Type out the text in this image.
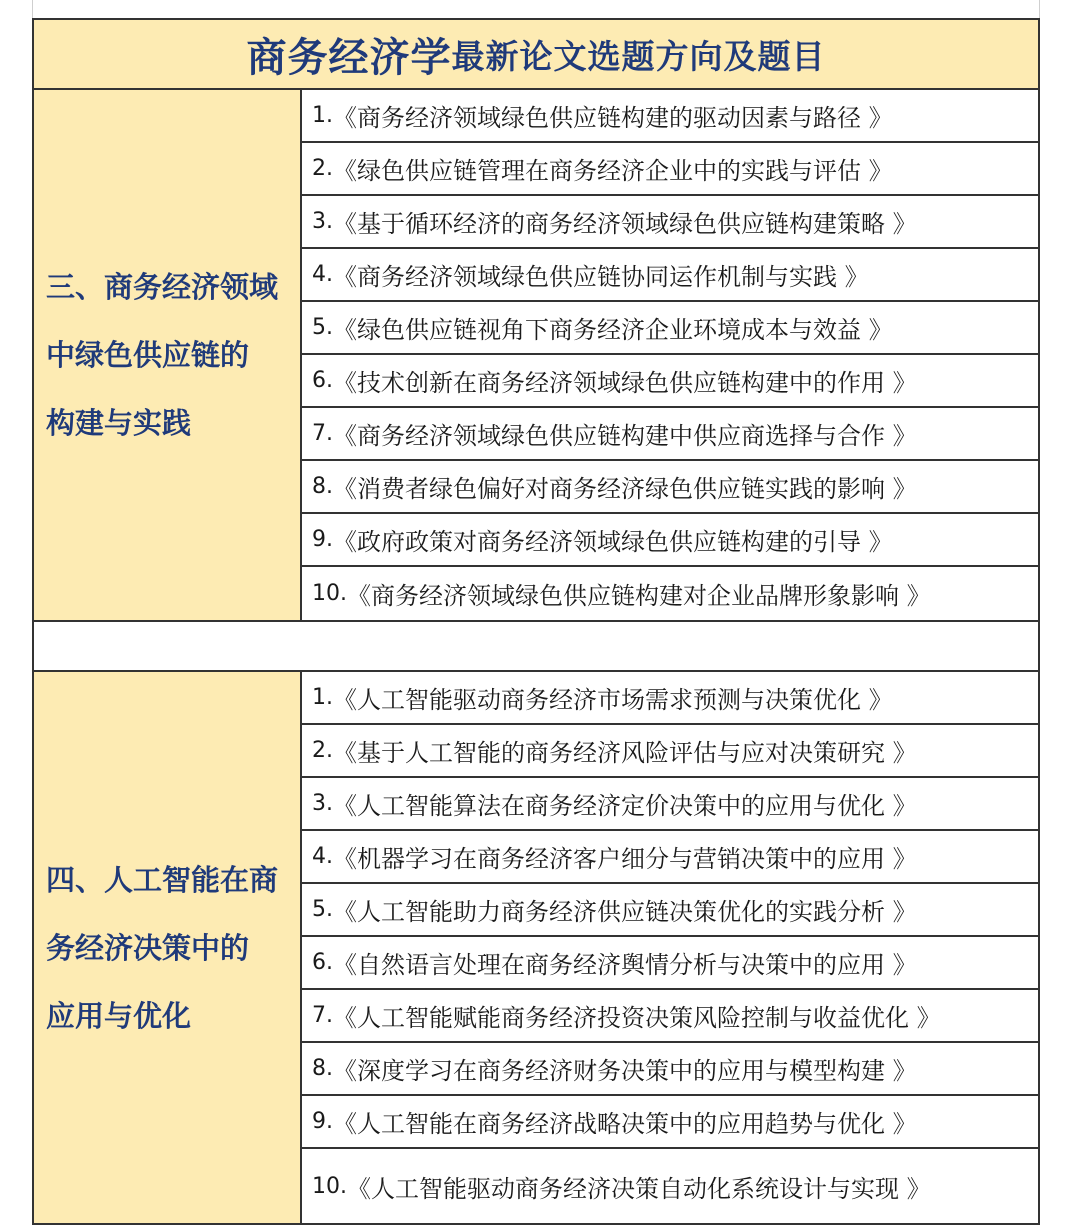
商务经济学 最新论文选题方向及题目
三、商务经济领域
中绿色供应链的
构建与实践
1. 《商务经济领域绿色供应链构建的驱动因素与路径 》
2. 《绿色供应链管理在商务经济企业中的实践与评估 》
3. 《基于循环经济的商务经济领域绿色供应链构建策略 》
4. 《商务经济领域绿色供应链协同运作机制与实践 》
5. 《绿色供应链视角下商务经济企业环境成本与效益 》
6. 《技术创新在商务经济领域绿色供应链构建中的作用 》
7. 《商务经济领域绿色供应链构建中供应商选择与合作 》
8. 《消费者绿色偏好对商务经济绿色供应链实践的影响 》
9. 《政府政策对商务经济领域绿色供应链构建的引导 》
10. 《商务经济领域绿色供应链构建对企业品牌形象影响 》
四、人工智能在商
务经济决策中的
应用与优化
1. 《人工智能驱动商务经济市场需求预测与决策优化 》
2. 《基于人工智能的商务经济风险评估与应对决策研究 》
3. 《人工智能算法在商务经济定价决策中的应用与优化 》
4. 《机器学习在商务经济客户细分与营销决策中的应用 》
5. 《人工智能助力商务经济供应链决策优化的实践分析 》
6. 《自然语言处理在商务经济舆情分析与决策中的应用 》
7. 《人工智能赋能商务经济投资决策风险控制与收益优化 》
8. 《深度学习在商务经济财务决策中的应用与模型构建 》
9. 《人工智能在商务经济战略决策中的应用趋势与优化 》
10. 《人工智能驱动商务经济决策自动化系统设计与实现 》
